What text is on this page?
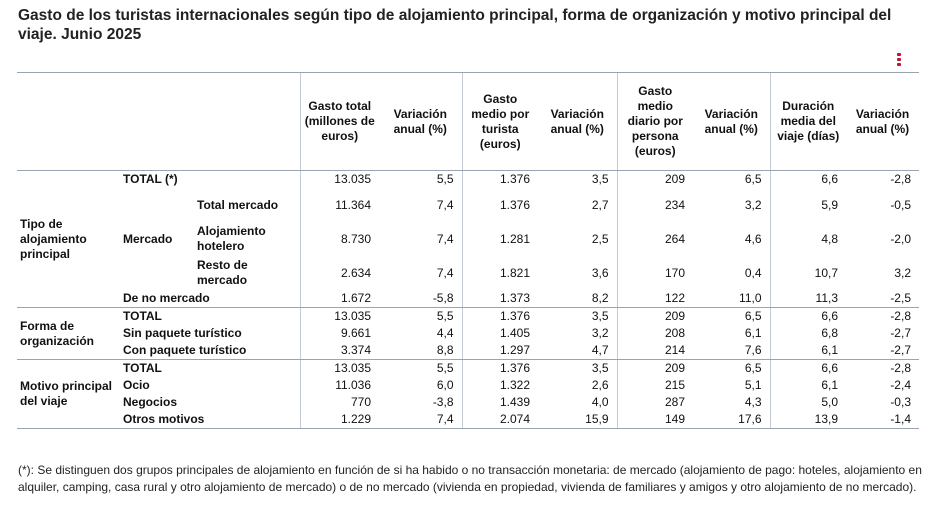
Gasto de los turistas internacionales según tipo de alojamiento principal, forma de organización y motivo principal del viaje. Junio 2025
			Gasto total (millones de euros)	Variación anual (%)	Gasto medio por turista (euros)	Variación anual (%)	Gasto medio diario por persona (euros)	Variación anual (%)	Duración media del viaje (días)	Variación anual (%)
Tipo de alojamiento principal	TOTAL (*)		13.035	5,5	1.376	3,5	209	6,5	6,6	-2,8
	Mercado	Total mercado	11.364	7,4	1.376	2,7	234	3,2	5,9	-0,5
		Alojamiento hotelero	8.730	7,4	1.281	2,5	264	4,6	4,8	-2,0
		Resto de mercado	2.634	7,4	1.821	3,6	170	0,4	10,7	3,2
	De no mercado		1.672	-5,8	1.373	8,2	122	11,0	11,3	-2,5
Forma de organización	TOTAL		13.035	5,5	1.376	3,5	209	6,5	6,6	-2,8
	Sin paquete turístico		9.661	4,4	1.405	3,2	208	6,1	6,8	-2,7
	Con paquete turístico		3.374	8,8	1.297	4,7	214	7,6	6,1	-2,7
Motivo principal del viaje	TOTAL		13.035	5,5	1.376	3,5	209	6,5	6,6	-2,8
	Ocio		11.036	6,0	1.322	2,6	215	5,1	6,1	-2,4
	Negocios		770	-3,8	1.439	4,0	287	4,3	5,0	-0,3
	Otros motivos		1.229	7,4	2.074	15,9	149	17,6	13,9	-1,4
(*): Se distinguen dos grupos principales de alojamiento en función de si ha habido o no transacción monetaria: de mercado (alojamiento de pago: hoteles, alojamiento en alquiler, camping, casa rural y otro alojamiento de mercado) o de no mercado (vivienda en propiedad, vivienda de familiares y amigos y otro alojamiento de no mercado).
